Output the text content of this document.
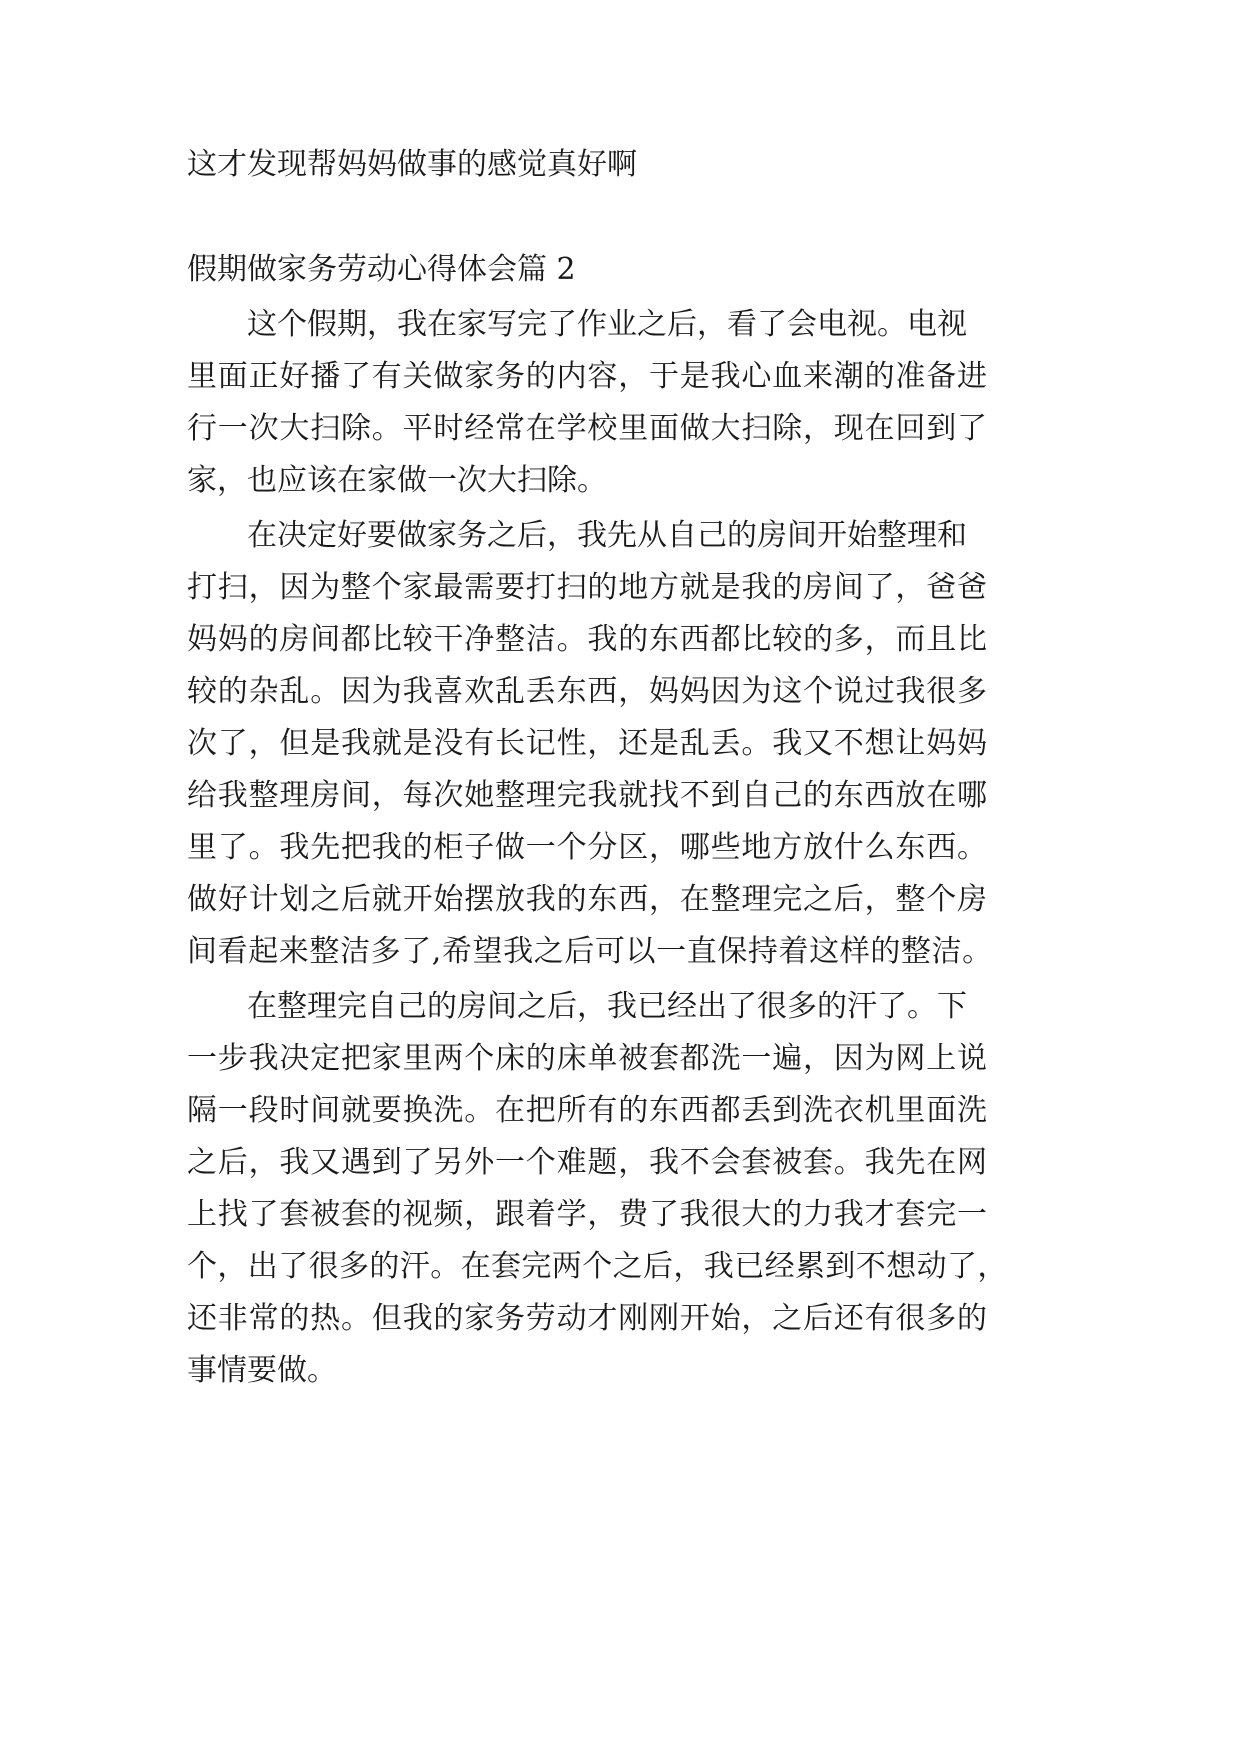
这才发现帮妈妈做事的感觉真好啊
假期做家务劳动心得体会篇 2
这个假期，我在家写完了作业之后，看了会电视。电视
里面正好播了有关做家务的内容，于是我心血来潮的准备进
行一次大扫除。平时经常在学校里面做大扫除，现在回到了
家，也应该在家做一次大扫除。
在决定好要做家务之后，我先从自己的房间开始整理和
打扫，因为整个家最需要打扫的地方就是我的房间了，爸爸
妈妈的房间都比较干净整洁。我的东西都比较的多，而且比
较的杂乱。因为我喜欢乱丢东西，妈妈因为这个说过我很多
次了，但是我就是没有长记性，还是乱丢。我又不想让妈妈
给我整理房间，每次她整理完我就找不到自己的东西放在哪
里了。我先把我的柜子做一个分区，哪些地方放什么东西。
做好计划之后就开始摆放我的东西，在整理完之后，整个房
间看起来整洁多了,希望我之后可以一直保持着这样的整洁。
在整理完自己的房间之后，我已经出了很多的汗了。下
一步我决定把家里两个床的床单被套都洗一遍，因为网上说
隔一段时间就要换洗。在把所有的东西都丢到洗衣机里面洗
之后，我又遇到了另外一个难题，我不会套被套。我先在网
上找了套被套的视频，跟着学，费了我很大的力我才套完一
个，出了很多的汗。在套完两个之后，我已经累到不想动了，
还非常的热。但我的家务劳动才刚刚开始，之后还有很多的
事情要做。
